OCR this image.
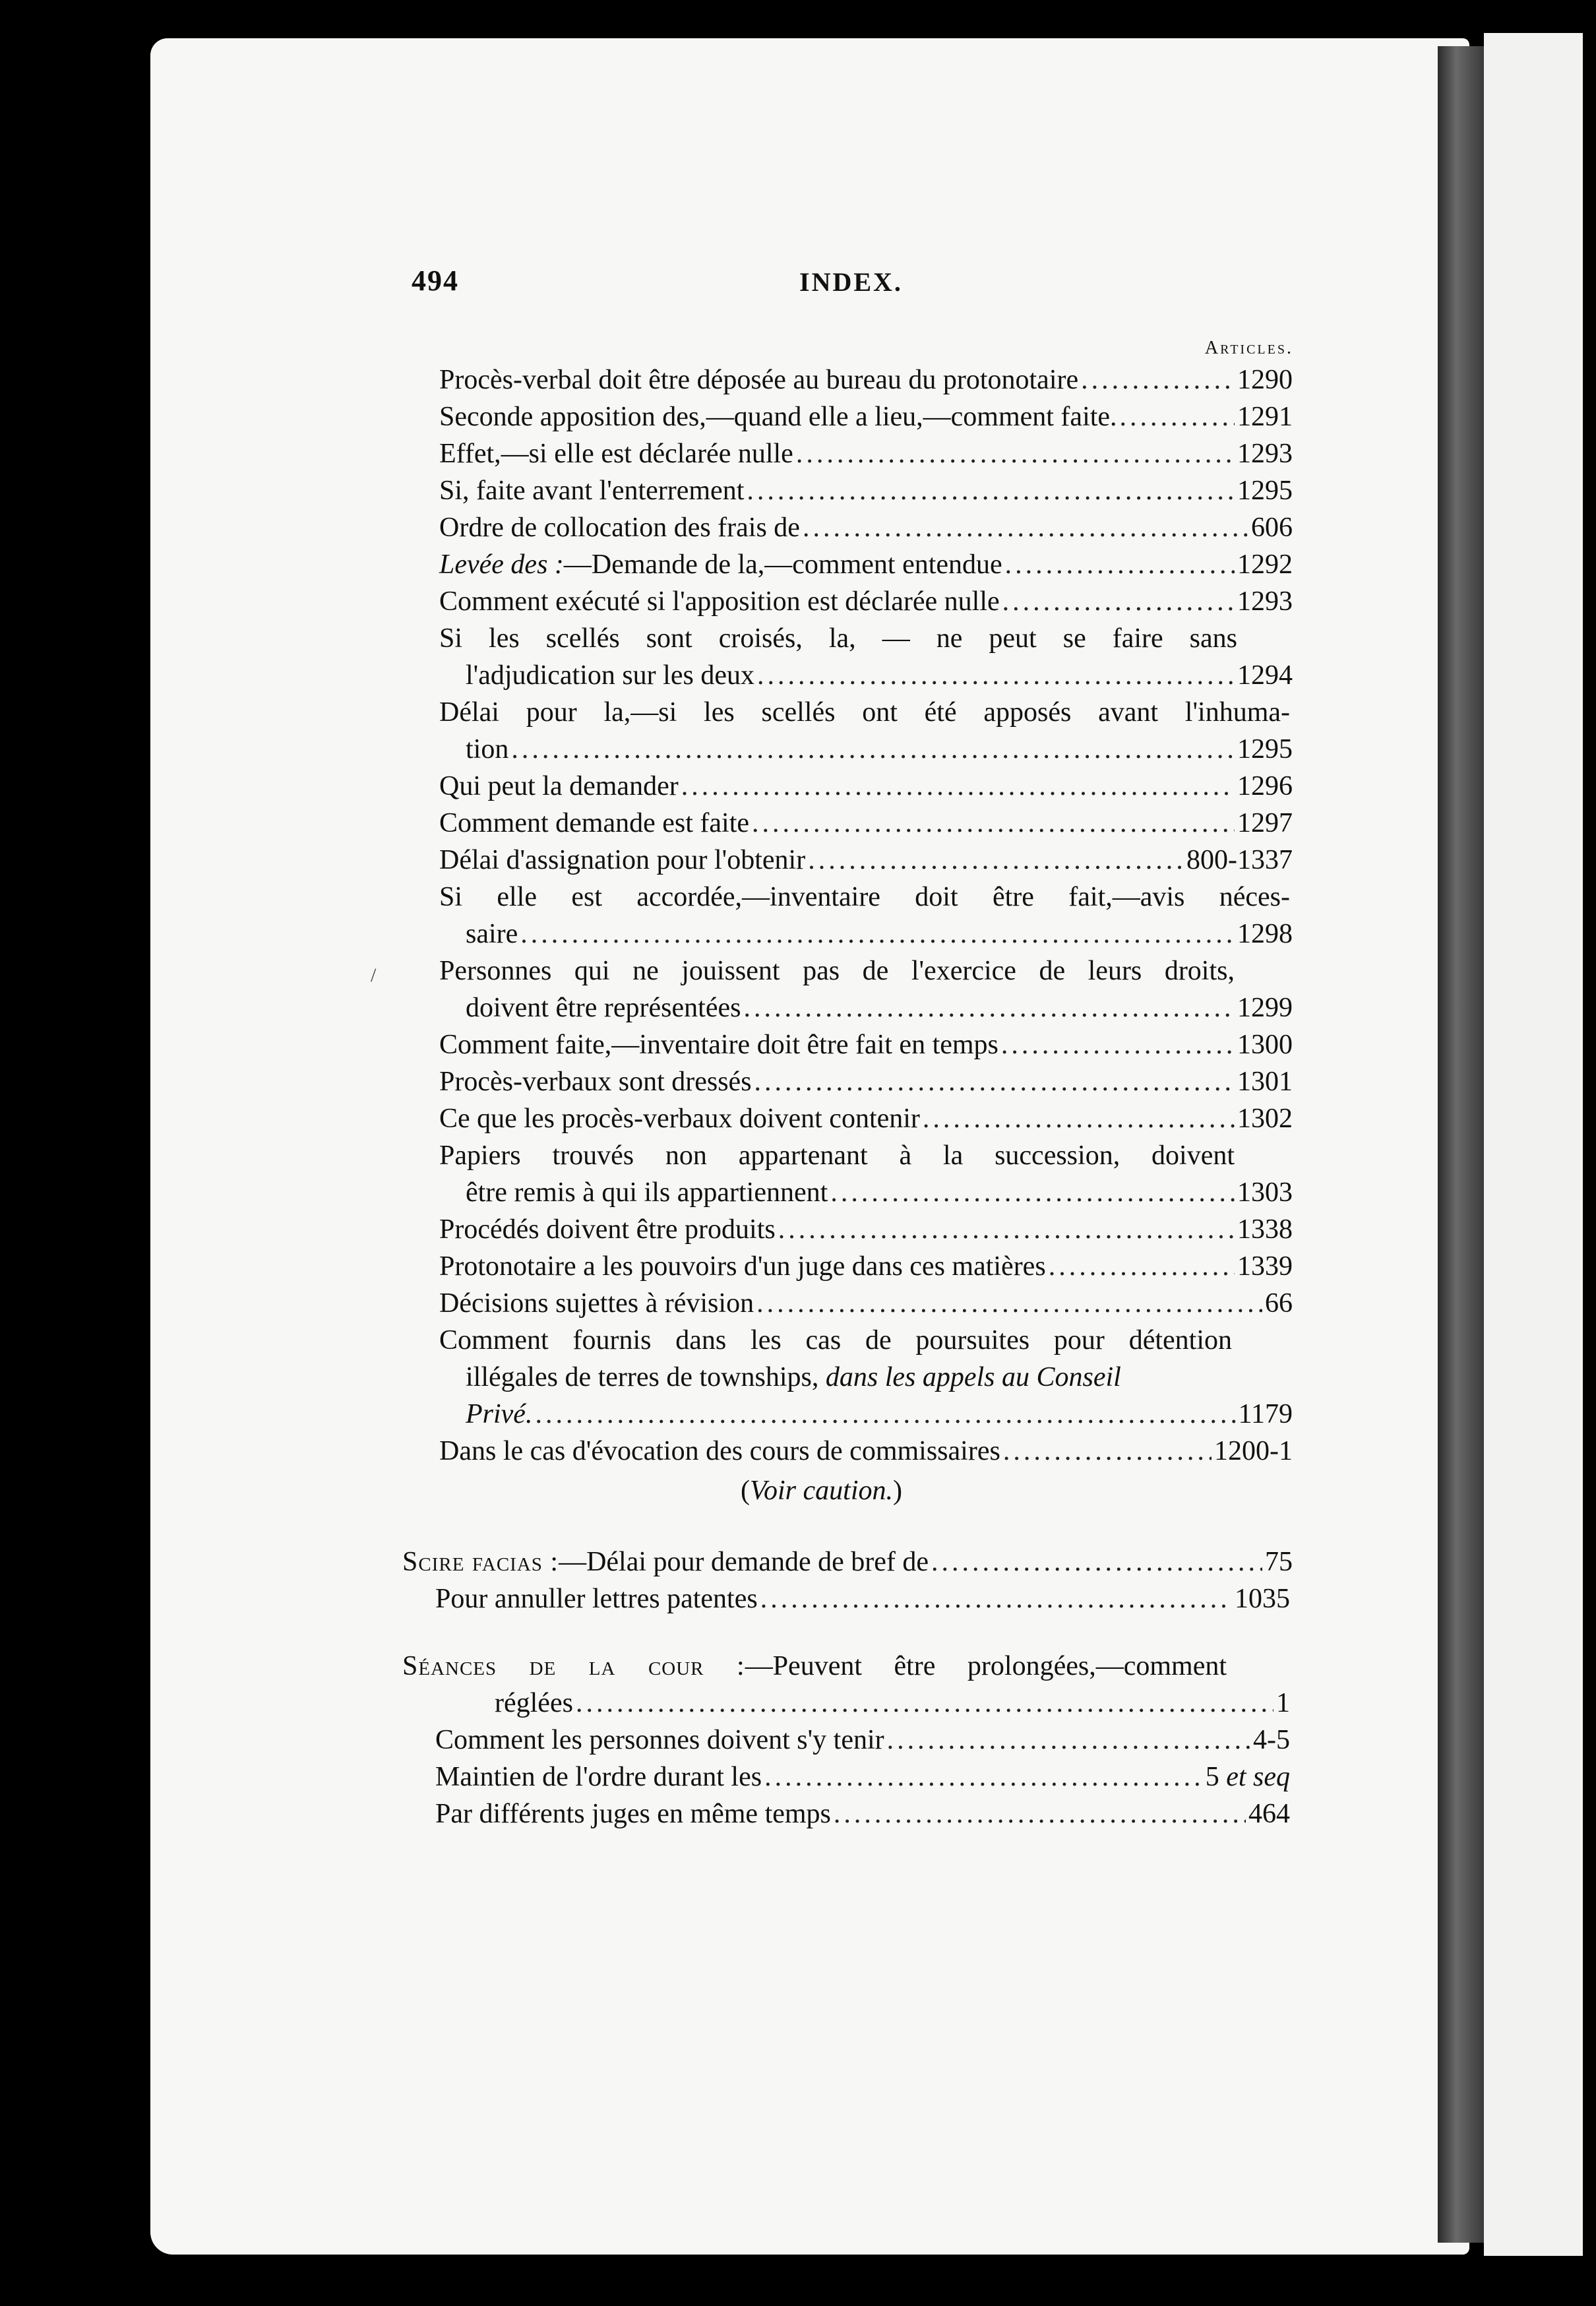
494	INDEX.
Articles.
/
Procès-verbal doit être déposée au bureau du protonotaire .....	1290
Seconde apposition des,—quand elle a lieu,—comment faite. .....	1291
Effet,—si elle est déclarée nulle .....	1293
Si, faite avant l'enterrement .....	1295
Ordre de collocation des frais de .....	606
Levée des :—Demande de la,—comment entendue .....	1292
Comment exécuté si l'apposition est déclarée nulle .....	1293
Si les scellés sont croisés, la, — ne peut se faire sans
l'adjudication sur les deux .....	1294
Délai pour la,—si les scellés ont été apposés avant l'inhuma-
tion .....	1295
Qui peut la demander .....	1296
Comment demande est faite .....	1297
Délai d'assignation pour l'obtenir .....	800-1337
Si elle est accordée,—inventaire doit être fait,—avis néces-
saire .....	1298
Personnes qui ne jouissent pas de l'exercice de leurs droits,
doivent être représentées .....	1299
Comment faite,—inventaire doit être fait en temps .....	1300
Procès-verbaux sont dressés .....	1301
Ce que les procès-verbaux doivent contenir .....	1302
Papiers trouvés non appartenant à la succession, doivent
être remis à qui ils appartiennent .....	1303
Procédés doivent être produits .....	1338
Protonotaire a les pouvoirs d'un juge dans ces matières .....	1339
Décisions sujettes à révision .....	66
Comment fournis dans les cas de poursuites pour détention
illégales de terres de townships, dans les appels au Conseil
Privé. .....	1179
Dans le cas d'évocation des cours de commissaires .....	1200-1
(Voir caution.)
Scire facias :—Délai pour demande de bref de .....	75
Pour annuller lettres patentes .....	1035
Séances de la cour :—Peuvent être prolongées,—comment
réglées .....	1
Comment les personnes doivent s'y tenir .....	4-5
Maintien de l'ordre durant les .....	5 et seq
Par différents juges en même temps .....	464
